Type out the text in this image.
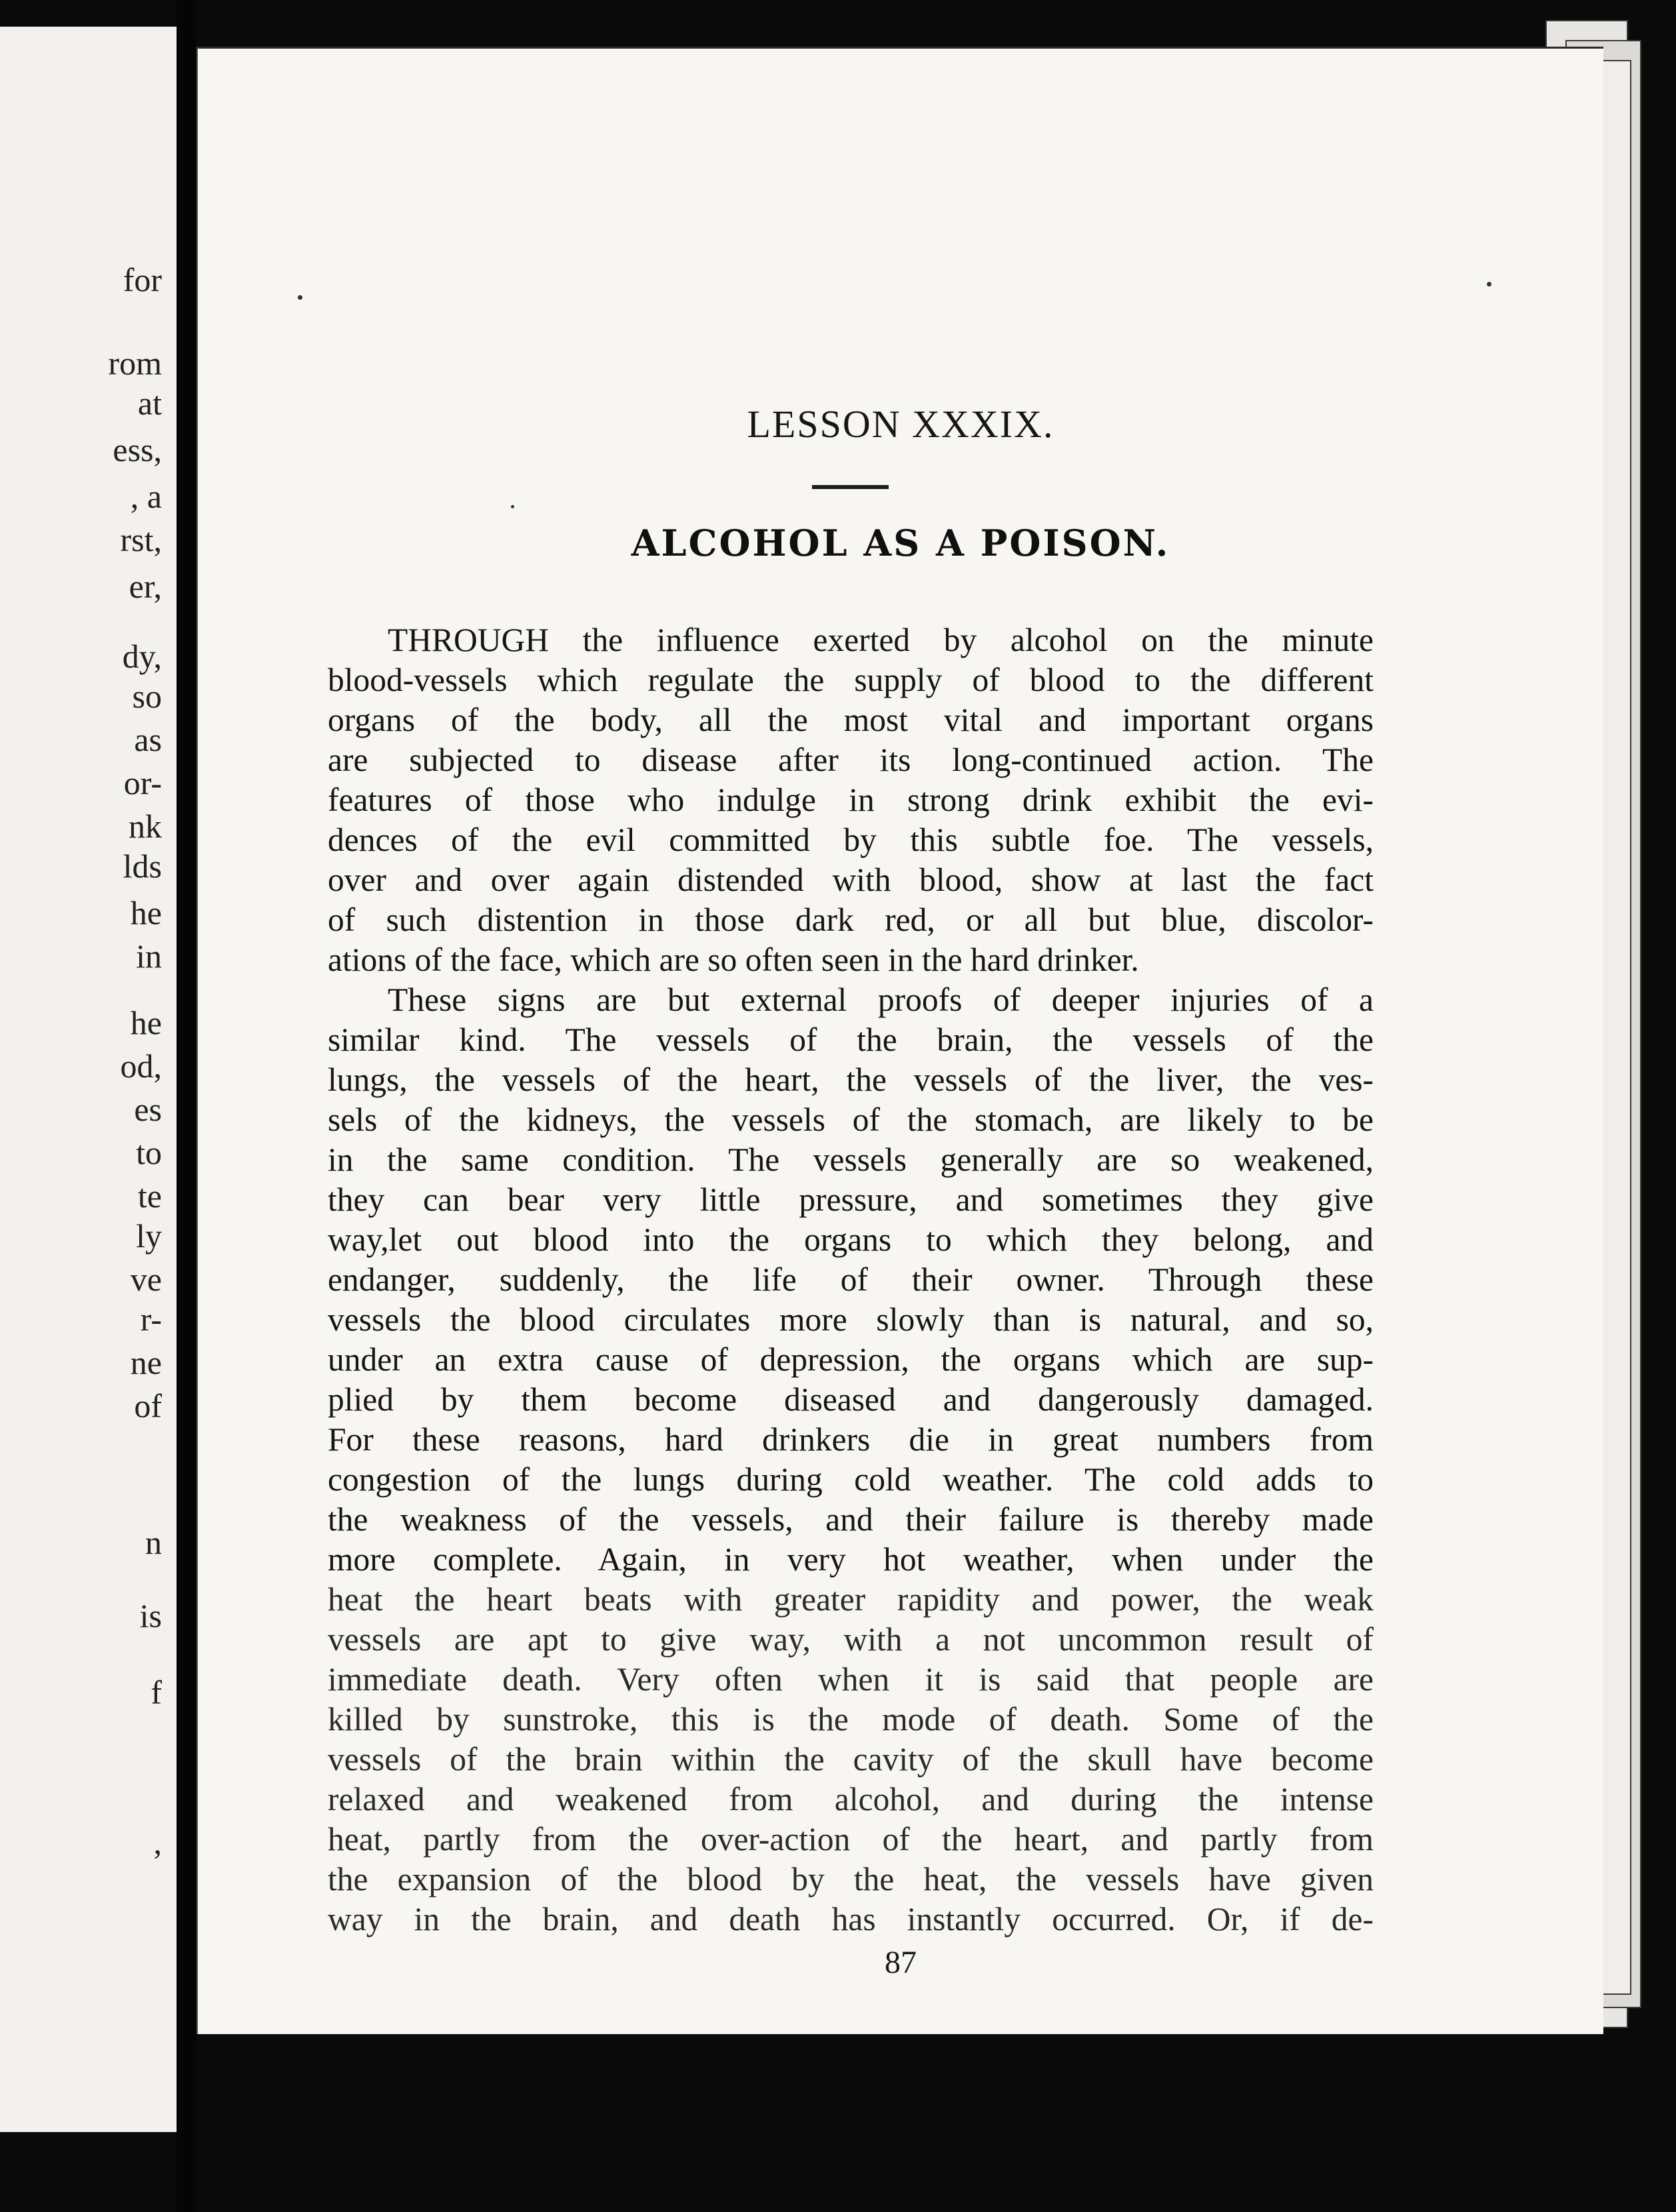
for
rom
at
ess,
, a
rst,
er,
dy,
so
as
or-
nk
lds
he
in
he
od,
es
to
te
ly
ve
r-
ne
of
n
is
f
,
LESSON XXXIX.
ALCOHOL AS A POISON.
THROUGH the influence exerted by alcohol on the minute
blood-vessels which regulate the supply of blood to the different
organs of the body, all the most vital and important organs
are subjected to disease after its long-continued action. The
features of those who indulge in strong drink exhibit the evi-
dences of the evil committed by this subtle foe. The vessels,
over and over again distended with blood, show at last the fact
of such distention in those dark red, or all but blue, discolor-
ations of the face, which are so often seen in the hard drinker.
These signs are but external proofs of deeper injuries of a
similar kind. The vessels of the brain, the vessels of the
lungs, the vessels of the heart, the vessels of the liver, the ves-
sels of the kidneys, the vessels of the stomach, are likely to be
in the same condition. The vessels generally are so weakened,
they can bear very little pressure, and sometimes they give
way,let out blood into the organs to which they belong, and
endanger, suddenly, the life of their owner. Through these
vessels the blood circulates more slowly than is natural, and so,
under an extra cause of depression, the organs which are sup-
plied by them become diseased and dangerously damaged.
For these reasons, hard drinkers die in great numbers from
congestion of the lungs during cold weather. The cold adds to
the weakness of the vessels, and their failure is thereby made
more complete. Again, in very hot weather, when under the
heat the heart beats with greater rapidity and power, the weak
vessels are apt to give way, with a not uncommon result of
immediate death. Very often when it is said that people are
killed by sunstroke, this is the mode of death. Some of the
vessels of the brain within the cavity of the skull have become
relaxed and weakened from alcohol, and during the intense
heat, partly from the over-action of the heart, and partly from
the expansion of the blood by the heat, the vessels have given
way in the brain, and death has instantly occurred. Or, if de-
87
